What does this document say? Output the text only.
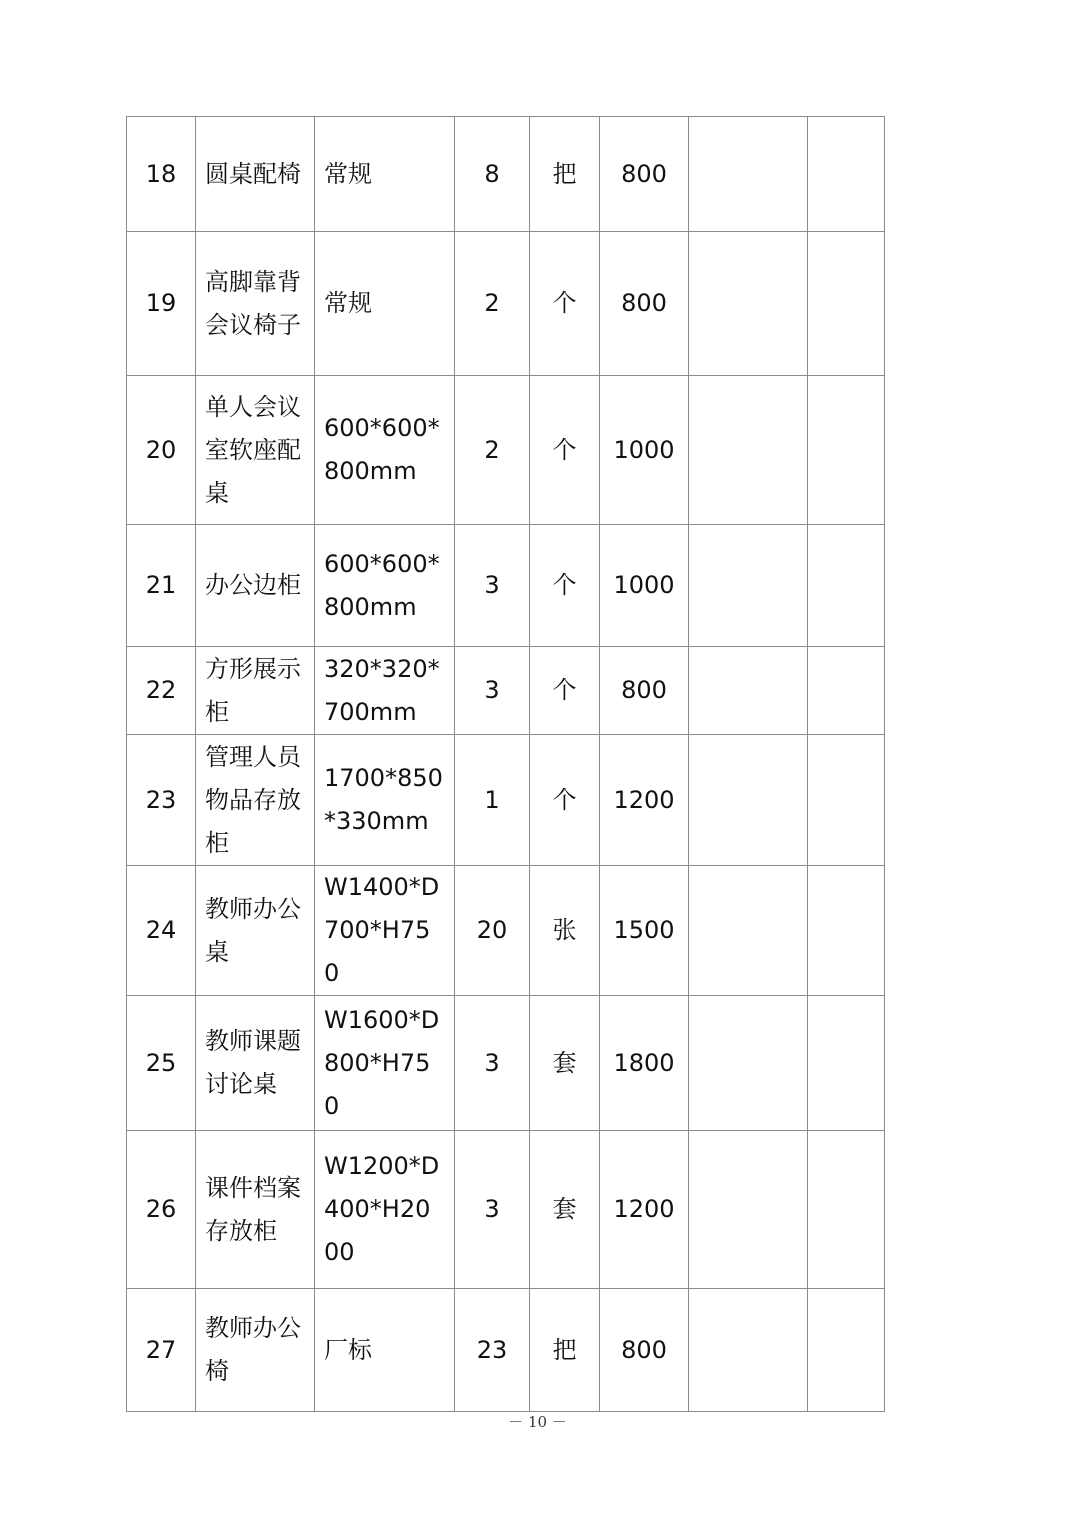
18	圆桌配椅	常规	8	把	800		
19	高脚靠背会议椅子	常规	2	个	800		
20	单人会议室软座配桌	600*600*800mm	2	个	1000		
21	办公边柜	600*600*800mm	3	个	1000		
22	方形展示柜	320*320*700mm	3	个	800		
23	管理人员物品存放柜	1700*850*330mm	1	个	1200		
24	教师办公桌	W1400*D700*H750	20	张	1500		
25	教师课题讨论桌	W1600*D800*H750	3	套	1800		
26	课件档案存放柜	W1200*D400*H2000	3	套	1200		
27	教师办公椅	厂标	23	把	800		
－ 10 －
